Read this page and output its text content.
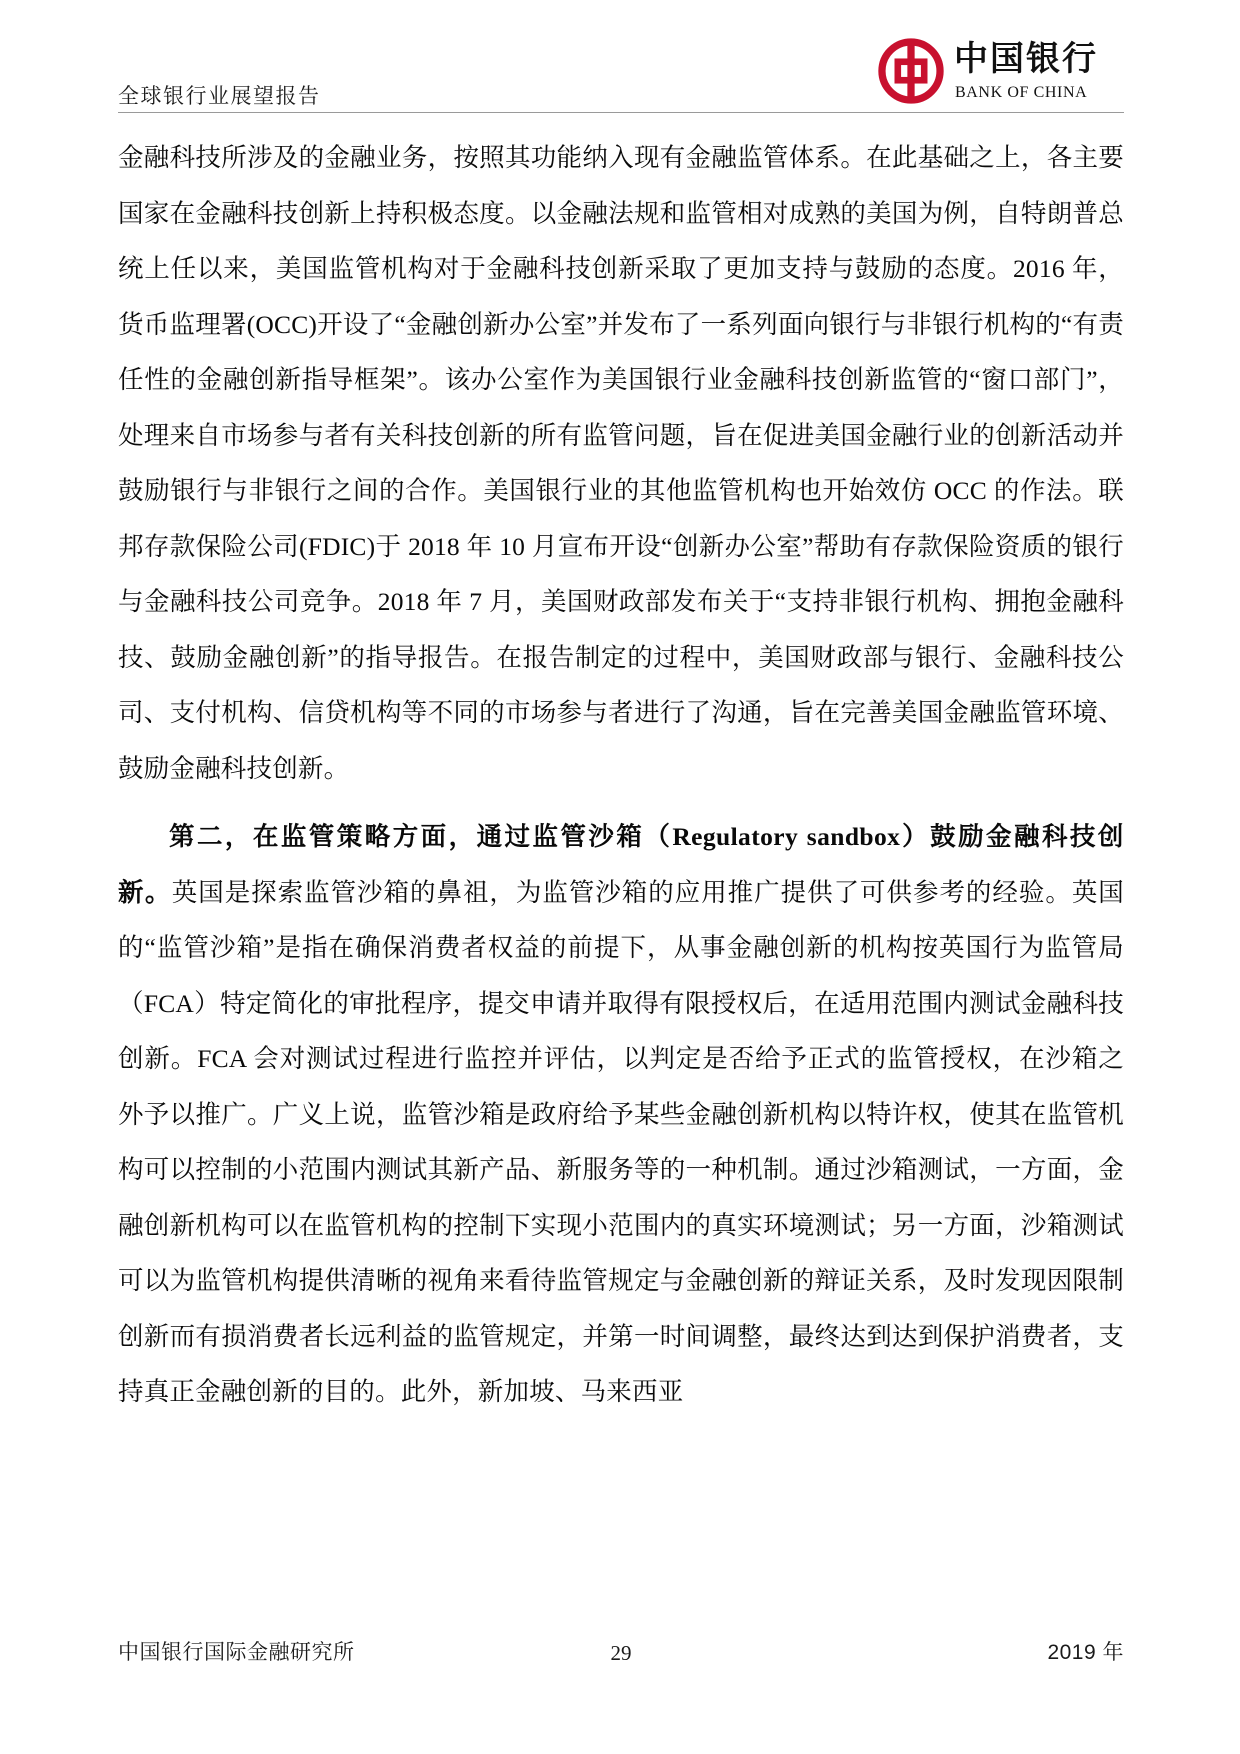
全球银行业展望报告
中国银行
BANK OF CHINA

金融科技所涉及的金融业务，按照其功能纳入现有金融监管体系。在此基础之上，各主要国家在金融科技创新上持积极态度。以金融法规和监管相对成熟的美国为例，自特朗普总统上任以来，美国监管机构对于金融科技创新采取了更加支持与鼓励的态度。2016 年，货币监理署(OCC)开设了“金融创新办公室”并发布了一系列面向银行与非银行机构的“有责任性的金融创新指导框架”。该办公室作为美国银行业金融科技创新监管的“窗口部门”，处理来自市场参与者有关科技创新的所有监管问题，旨在促进美国金融行业的创新活动并鼓励银行与非银行之间的合作。美国银行业的其他监管机构也开始效仿 OCC 的作法。联邦存款保险公司(FDIC)于 2018 年 10 月宣布开设“创新办公室”帮助有存款保险资质的银行与金融科技公司竞争。2018 年 7 月，美国财政部发布关于“支持非银行机构、拥抱金融科技、鼓励金融创新”的指导报告。在报告制定的过程中，美国财政部与银行、金融科技公司、支付机构、信贷机构等不同的市场参与者进行了沟通，旨在完善美国金融监管环境、鼓励金融科技创新。

第二，在监管策略方面，通过监管沙箱（Regulatory sandbox）鼓励金融科技创新。英国是探索监管沙箱的鼻祖，为监管沙箱的应用推广提供了可供参考的经验。英国的“监管沙箱”是指在确保消费者权益的前提下，从事金融创新的机构按英国行为监管局（FCA）特定简化的审批程序，提交申请并取得有限授权后，在适用范围内测试金融科技创新。FCA 会对测试过程进行监控并评估，以判定是否给予正式的监管授权，在沙箱之外予以推广。广义上说，监管沙箱是政府给予某些金融创新机构以特许权，使其在监管机构可以控制的小范围内测试其新产品、新服务等的一种机制。通过沙箱测试，一方面，金融创新机构可以在监管机构的控制下实现小范围内的真实环境测试；另一方面，沙箱测试可以为监管机构提供清晰的视角来看待监管规定与金融创新的辩证关系，及时发现因限制创新而有损消费者长远利益的监管规定，并第一时间调整，最终达到达到保护消费者，支持真正金融创新的目的。此外，新加坡、马来西亚

中国银行国际金融研究所	29	2019 年
